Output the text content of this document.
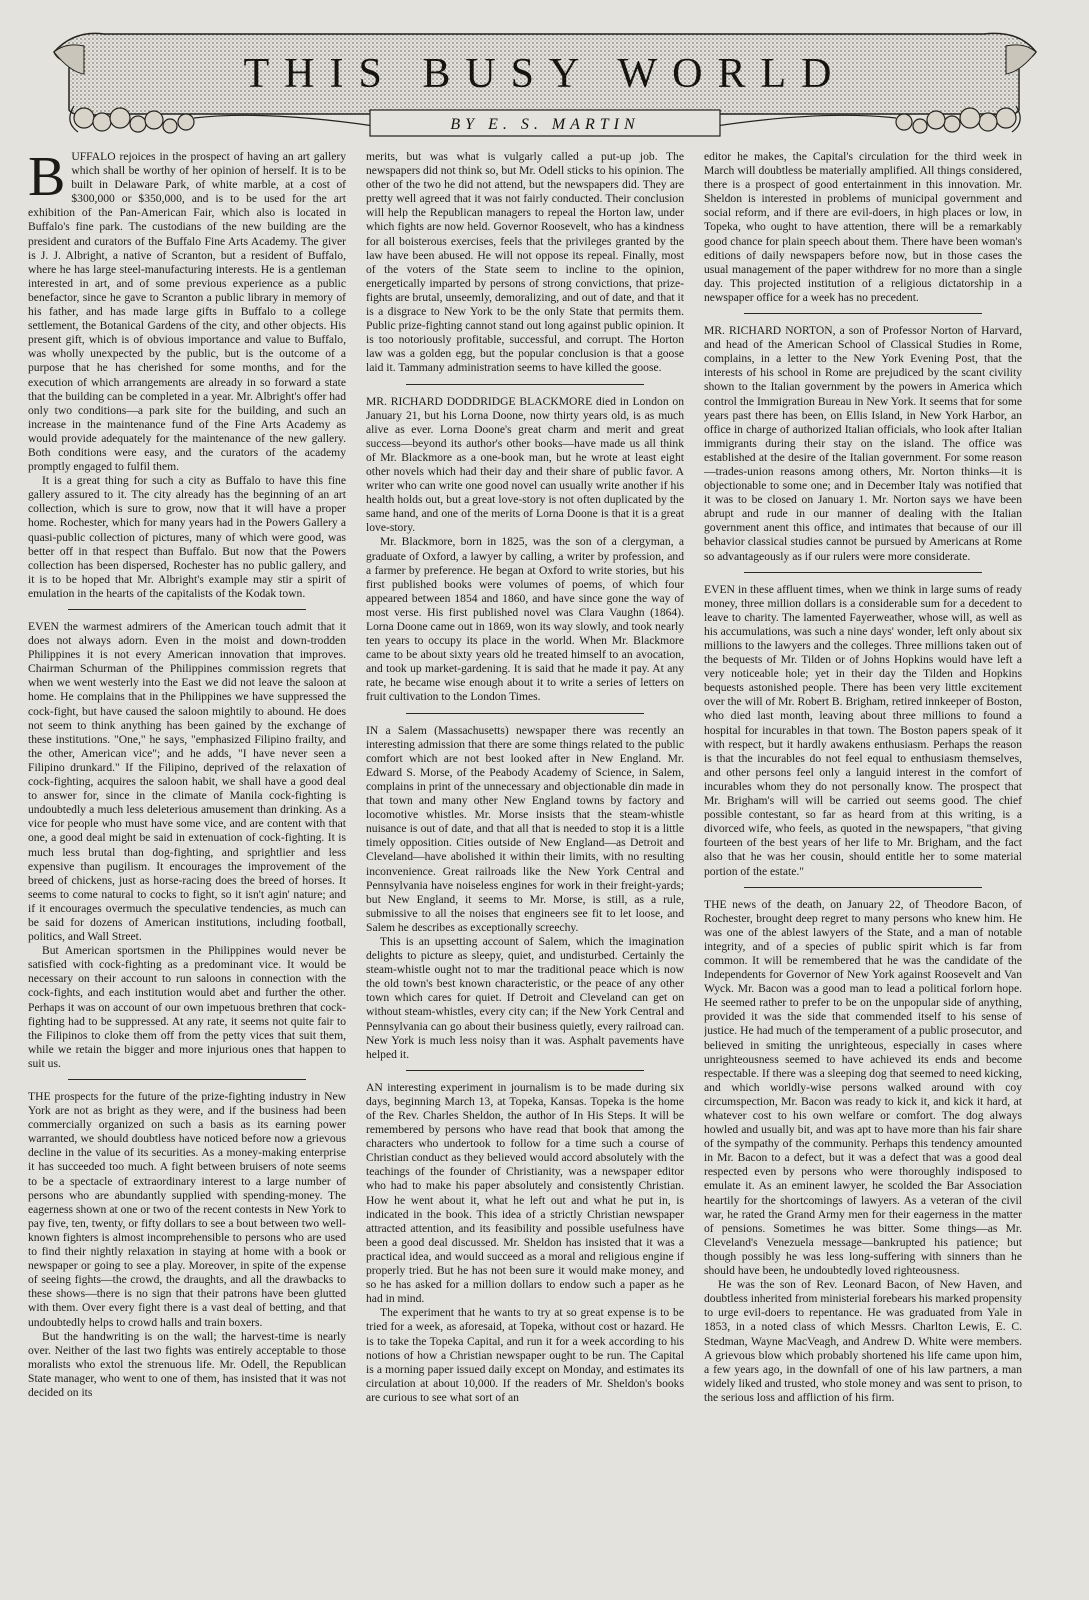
THIS BUSY WORLD
BY E. S. MARTIN

BUFFALO rejoices in the prospect of having an art gallery which shall be worthy of her opinion of herself. It is to be built in Delaware Park, of white marble, at a cost of $300,000 or $350,000, and is to be used for the art exhibition of the Pan-American Fair, which also is located in Buffalo's fine park. The custodians of the new building are the president and curators of the Buffalo Fine Arts Academy. The giver is J. J. Albright, a native of Scranton, but a resident of Buffalo, where he has large steel-manufacturing interests. He is a gentleman interested in art, and of some previous experience as a public benefactor, since he gave to Scranton a public library in memory of his father, and has made large gifts in Buffalo to a college settlement, the Botanical Gardens of the city, and other objects. His present gift, which is of obvious importance and value to Buffalo, was wholly unexpected by the public, but is the outcome of a purpose that he has cherished for some months, and for the execution of which arrangements are already in so forward a state that the building can be completed in a year. Mr. Albright's offer had only two conditions—a park site for the building, and such an increase in the maintenance fund of the Fine Arts Academy as would provide adequately for the maintenance of the new gallery. Both conditions were easy, and the curators of the academy promptly engaged to fulfil them.

It is a great thing for such a city as Buffalo to have this fine gallery assured to it. The city already has the beginning of an art collection, which is sure to grow, now that it will have a proper home. Rochester, which for many years had in the Powers Gallery a quasi-public collection of pictures, many of which were good, was better off in that respect than Buffalo. But now that the Powers collection has been dispersed, Rochester has no public gallery, and it is to be hoped that Mr. Albright's example may stir a spirit of emulation in the hearts of the capitalists of the Kodak town.

EVEN the warmest admirers of the American touch admit that it does not always adorn. Even in the moist and down-trodden Philippines it is not every American innovation that improves. Chairman Schurman of the Philippines commission regrets that when we went westerly into the East we did not leave the saloon at home. He complains that in the Philippines we have suppressed the cock-fight, but have caused the saloon mightily to abound. He does not seem to think anything has been gained by the exchange of these institutions. "One," he says, "emphasized Filipino frailty, and the other, American vice"; and he adds, "I have never seen a Filipino drunkard." If the Filipino, deprived of the relaxation of cock-fighting, acquires the saloon habit, we shall have a good deal to answer for, since in the climate of Manila cock-fighting is undoubtedly a much less deleterious amusement than drinking. As a vice for people who must have some vice, and are content with that one, a good deal might be said in extenuation of cock-fighting. It is much less brutal than dog-fighting, and sprightlier and less expensive than pugilism. It encourages the improvement of the breed of chickens, just as horse-racing does the breed of horses. It seems to come natural to cocks to fight, so it isn't agin' nature; and if it encourages overmuch the speculative tendencies, as much can be said for dozens of American institutions, including football, politics, and Wall Street.

But American sportsmen in the Philippines would never be satisfied with cock-fighting as a predominant vice. It would be necessary on their account to run saloons in connection with the cock-fights, and each institution would abet and further the other. Perhaps it was on account of our own impetuous brethren that cock-fighting had to be suppressed. At any rate, it seems not quite fair to the Filipinos to cloke them off from the petty vices that suit them, while we retain the bigger and more injurious ones that happen to suit us.

THE prospects for the future of the prize-fighting industry in New York are not as bright as they were, and if the business had been commercially organized on such a basis as its earning power warranted, we should doubtless have noticed before now a grievous decline in the value of its securities. As a money-making enterprise it has succeeded too much. A fight between bruisers of note seems to be a spectacle of extraordinary interest to a large number of persons who are abundantly supplied with spending-money. The eagerness shown at one or two of the recent contests in New York to pay five, ten, twenty, or fifty dollars to see a bout between two well-known fighters is almost incomprehensible to persons who are used to find their nightly relaxation in staying at home with a book or newspaper or going to see a play. Moreover, in spite of the expense of seeing fights—the crowd, the draughts, and all the drawbacks to these shows—there is no sign that their patrons have been glutted with them. Over every fight there is a vast deal of betting, and that undoubtedly helps to crowd halls and train boxers.

But the handwriting is on the wall; the harvest-time is nearly over. Neither of the last two fights was entirely acceptable to those moralists who extol the strenuous life. Mr. Odell, the Republican State manager, who went to one of them, has insisted that it was not decided on its

merits, but was what is vulgarly called a put-up job. The newspapers did not think so, but Mr. Odell sticks to his opinion. The other of the two he did not attend, but the newspapers did. They are pretty well agreed that it was not fairly conducted. Their conclusion will help the Republican managers to repeal the Horton law, under which fights are now held. Governor Roosevelt, who has a kindness for all boisterous exercises, feels that the privileges granted by the law have been abused. He will not oppose its repeal. Finally, most of the voters of the State seem to incline to the opinion, energetically imparted by persons of strong convictions, that prize-fights are brutal, unseemly, demoralizing, and out of date, and that it is a disgrace to New York to be the only State that permits them. Public prize-fighting cannot stand out long against public opinion. It is too notoriously profitable, successful, and corrupt. The Horton law was a golden egg, but the popular conclusion is that a goose laid it. Tammany administration seems to have killed the goose.

MR. RICHARD DODDRIDGE BLACKMORE died in London on January 21, but his Lorna Doone, now thirty years old, is as much alive as ever. Lorna Doone's great charm and merit and great success—beyond its author's other books—have made us all think of Mr. Blackmore as a one-book man, but he wrote at least eight other novels which had their day and their share of public favor. A writer who can write one good novel can usually write another if his health holds out, but a great love-story is not often duplicated by the same hand, and one of the merits of Lorna Doone is that it is a great love-story.

Mr. Blackmore, born in 1825, was the son of a clergyman, a graduate of Oxford, a lawyer by calling, a writer by profession, and a farmer by preference. He began at Oxford to write stories, but his first published books were volumes of poems, of which four appeared between 1854 and 1860, and have since gone the way of most verse. His first published novel was Clara Vaughn (1864). Lorna Doone came out in 1869, won its way slowly, and took nearly ten years to occupy its place in the world. When Mr. Blackmore came to be about sixty years old he treated himself to an avocation, and took up market-gardening. It is said that he made it pay. At any rate, he became wise enough about it to write a series of letters on fruit cultivation to the London Times.

IN a Salem (Massachusetts) newspaper there was recently an interesting admission that there are some things related to the public comfort which are not best looked after in New England. Mr. Edward S. Morse, of the Peabody Academy of Science, in Salem, complains in print of the unnecessary and objectionable din made in that town and many other New England towns by factory and locomotive whistles. Mr. Morse insists that the steam-whistle nuisance is out of date, and that all that is needed to stop it is a little timely opposition. Cities outside of New England—as Detroit and Cleveland—have abolished it within their limits, with no resulting inconvenience. Great railroads like the New York Central and Pennsylvania have noiseless engines for work in their freight-yards; but New England, it seems to Mr. Morse, is still, as a rule, submissive to all the noises that engineers see fit to let loose, and Salem he describes as exceptionally screechy.

This is an upsetting account of Salem, which the imagination delights to picture as sleepy, quiet, and undisturbed. Certainly the steam-whistle ought not to mar the traditional peace which is now the old town's best known characteristic, or the peace of any other town which cares for quiet. If Detroit and Cleveland can get on without steam-whistles, every city can; if the New York Central and Pennsylvania can go about their business quietly, every railroad can. New York is much less noisy than it was. Asphalt pavements have helped it.

AN interesting experiment in journalism is to be made during six days, beginning March 13, at Topeka, Kansas. Topeka is the home of the Rev. Charles Sheldon, the author of In His Steps. It will be remembered by persons who have read that book that among the characters who undertook to follow for a time such a course of Christian conduct as they believed would accord absolutely with the teachings of the founder of Christianity, was a newspaper editor who had to make his paper absolutely and consistently Christian. How he went about it, what he left out and what he put in, is indicated in the book. This idea of a strictly Christian newspaper attracted attention, and its feasibility and possible usefulness have been a good deal discussed. Mr. Sheldon has insisted that it was a practical idea, and would succeed as a moral and religious engine if properly tried. But he has not been sure it would make money, and so he has asked for a million dollars to endow such a paper as he had in mind.

The experiment that he wants to try at so great expense is to be tried for a week, as aforesaid, at Topeka, without cost or hazard. He is to take the Topeka Capital, and run it for a week according to his notions of how a Christian newspaper ought to be run. The Capital is a morning paper issued daily except on Monday, and estimates its circulation at about 10,000. If the readers of Mr. Sheldon's books are curious to see what sort of an

editor he makes, the Capital's circulation for the third week in March will doubtless be materially amplified. All things considered, there is a prospect of good entertainment in this innovation. Mr. Sheldon is interested in problems of municipal government and social reform, and if there are evil-doers, in high places or low, in Topeka, who ought to have attention, there will be a remarkably good chance for plain speech about them. There have been woman's editions of daily newspapers before now, but in those cases the usual management of the paper withdrew for no more than a single day. This projected institution of a religious dictatorship in a newspaper office for a week has no precedent.

MR. RICHARD NORTON, a son of Professor Norton of Harvard, and head of the American School of Classical Studies in Rome, complains, in a letter to the New York Evening Post, that the interests of his school in Rome are prejudiced by the scant civility shown to the Italian government by the powers in America which control the Immigration Bureau in New York. It seems that for some years past there has been, on Ellis Island, in New York Harbor, an office in charge of authorized Italian officials, who look after Italian immigrants during their stay on the island. The office was established at the desire of the Italian government. For some reason—trades-union reasons among others, Mr. Norton thinks—it is objectionable to some one; and in December Italy was notified that it was to be closed on January 1. Mr. Norton says we have been abrupt and rude in our manner of dealing with the Italian government anent this office, and intimates that because of our ill behavior classical studies cannot be pursued by Americans at Rome so advantageously as if our rulers were more considerate.

EVEN in these affluent times, when we think in large sums of ready money, three million dollars is a considerable sum for a decedent to leave to charity. The lamented Fayerweather, whose will, as well as his accumulations, was such a nine days' wonder, left only about six millions to the lawyers and the colleges. Three millions taken out of the bequests of Mr. Tilden or of Johns Hopkins would have left a very noticeable hole; yet in their day the Tilden and Hopkins bequests astonished people. There has been very little excitement over the will of Mr. Robert B. Brigham, retired innkeeper of Boston, who died last month, leaving about three millions to found a hospital for incurables in that town. The Boston papers speak of it with respect, but it hardly awakens enthusiasm. Perhaps the reason is that the incurables do not feel equal to enthusiasm themselves, and other persons feel only a languid interest in the comfort of incurables whom they do not personally know. The prospect that Mr. Brigham's will will be carried out seems good. The chief possible contestant, so far as heard from at this writing, is a divorced wife, who feels, as quoted in the newspapers, "that giving fourteen of the best years of her life to Mr. Brigham, and the fact also that he was her cousin, should entitle her to some material portion of the estate."

THE news of the death, on January 22, of Theodore Bacon, of Rochester, brought deep regret to many persons who knew him. He was one of the ablest lawyers of the State, and a man of notable integrity, and of a species of public spirit which is far from common. It will be remembered that he was the candidate of the Independents for Governor of New York against Roosevelt and Van Wyck. Mr. Bacon was a good man to lead a political forlorn hope. He seemed rather to prefer to be on the unpopular side of anything, provided it was the side that commended itself to his sense of justice. He had much of the temperament of a public prosecutor, and believed in smiting the unrighteous, especially in cases where unrighteousness seemed to have achieved its ends and become respectable. If there was a sleeping dog that seemed to need kicking, and which worldly-wise persons walked around with coy circumspection, Mr. Bacon was ready to kick it, and kick it hard, at whatever cost to his own welfare or comfort. The dog always howled and usually bit, and was apt to have more than his fair share of the sympathy of the community. Perhaps this tendency amounted in Mr. Bacon to a defect, but it was a defect that was a good deal respected even by persons who were thoroughly indisposed to emulate it. As an eminent lawyer, he scolded the Bar Association heartily for the shortcomings of lawyers. As a veteran of the civil war, he rated the Grand Army men for their eagerness in the matter of pensions. Sometimes he was bitter. Some things—as Mr. Cleveland's Venezuela message—bankrupted his patience; but though possibly he was less long-suffering with sinners than he should have been, he undoubtedly loved righteousness.

He was the son of Rev. Leonard Bacon, of New Haven, and doubtless inherited from ministerial forebears his marked propensity to urge evil-doers to repentance. He was graduated from Yale in 1853, in a noted class of which Messrs. Charlton Lewis, E. C. Stedman, Wayne MacVeagh, and Andrew D. White were members. A grievous blow which probably shortened his life came upon him, a few years ago, in the downfall of one of his law partners, a man widely liked and trusted, who stole money and was sent to prison, to the serious loss and affliction of his firm.
